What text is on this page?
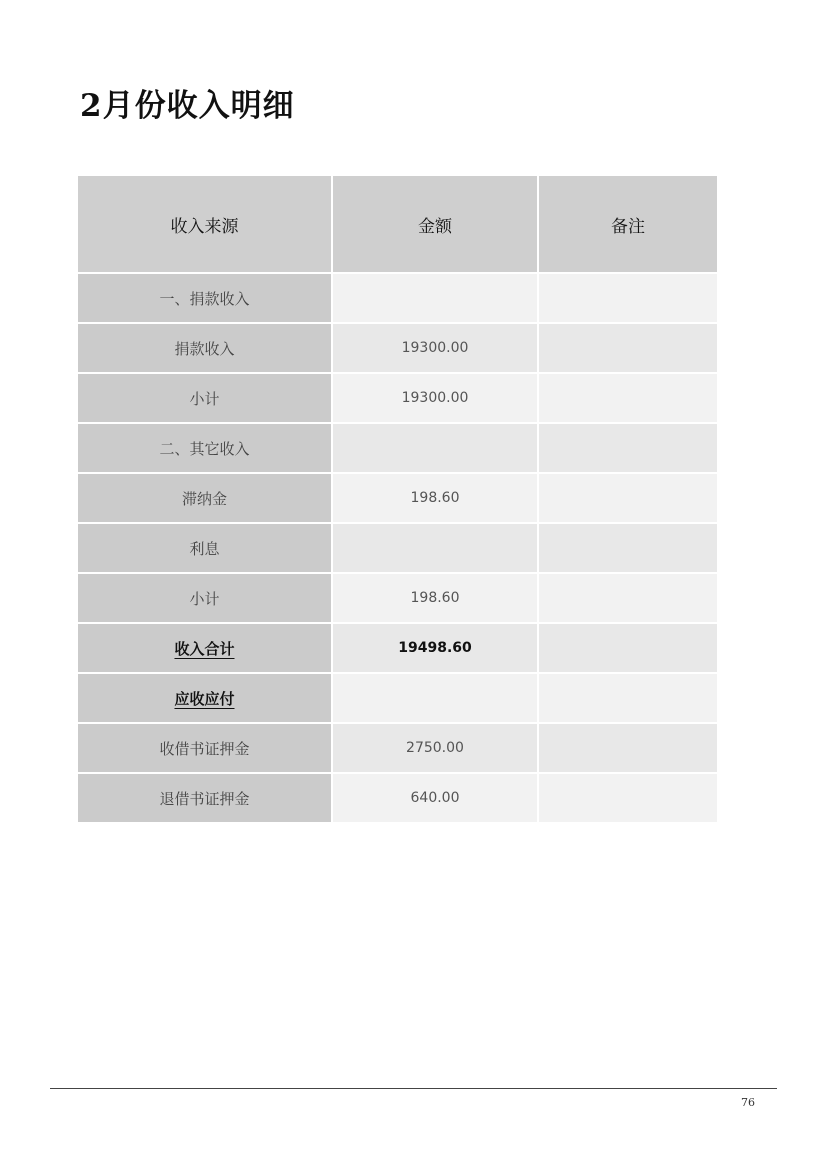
2月份收入明细
收入来源	金额	备注
一、捐款收入		
捐款收入	19300.00	
小计	19300.00	
二、其它收入		
滞纳金	198.60	
利息		
小计	198.60	
收入合计	19498.60	
应收应付		
收借书证押金	2750.00	
退借书证押金	640.00	
76
